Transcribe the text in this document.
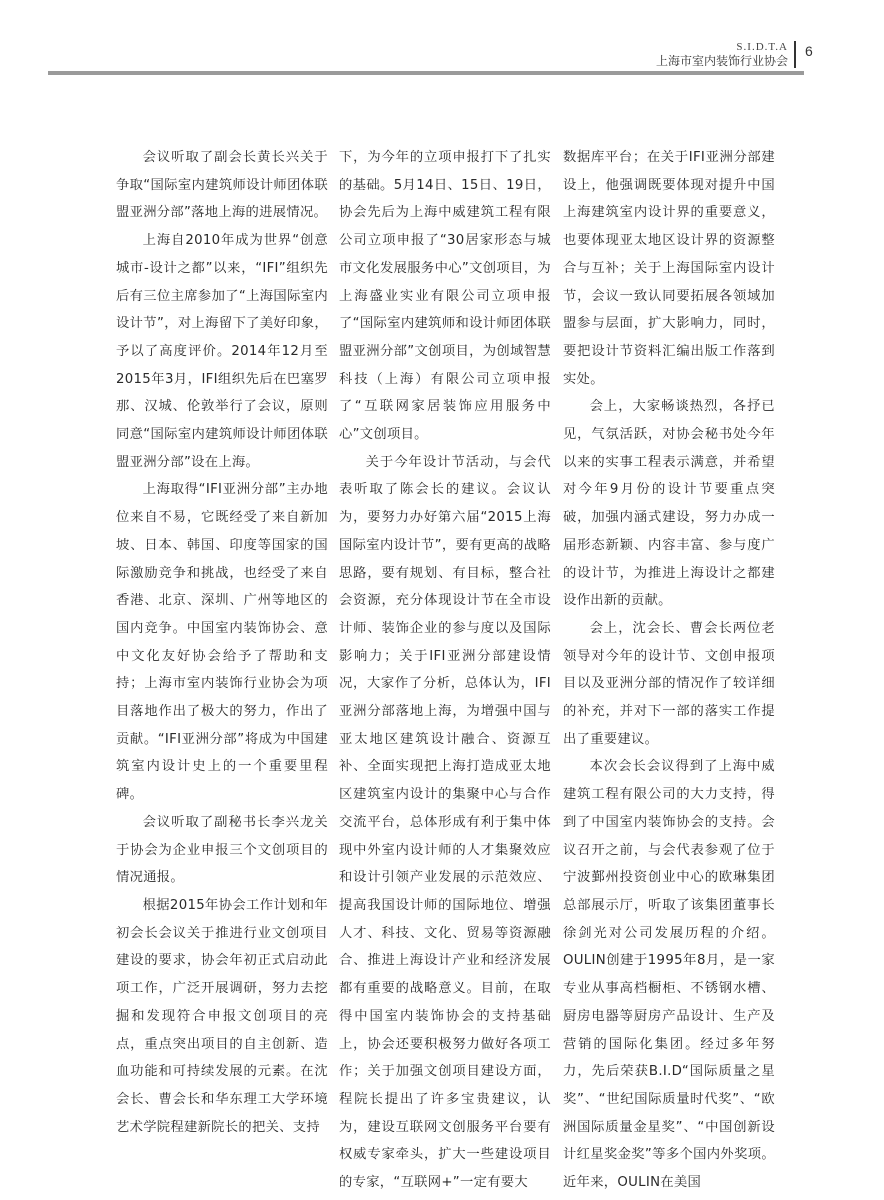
S.I.D.T.A
上海市室内装饰行业协会
6

会议听取了副会长黄长兴关于争取“国际室内建筑师设计师团体联盟亚洲分部”落地上海的进展情况。

上海自2010年成为世界“创意城市-设计之都”以来，“IFI”组织先后有三位主席参加了“上海国际室内设计节”，对上海留下了美好印象，予以了高度评价。2014年12月至2015年3月，IFI组织先后在巴塞罗那、汉城、伦敦举行了会议，原则同意“国际室内建筑师设计师团体联盟亚洲分部”设在上海。

上海取得“IFI亚洲分部”主办地位来自不易，它既经受了来自新加坡、日本、韩国、印度等国家的国际激励竞争和挑战，也经受了来自香港、北京、深圳、广州等地区的国内竞争。中国室内装饰协会、意中文化友好协会给予了帮助和支持；上海市室内装饰行业协会为项目落地作出了极大的努力，作出了贡献。“IFI亚洲分部”将成为中国建筑室内设计史上的一个重要里程碑。

会议听取了副秘书长李兴龙关于协会为企业申报三个文创项目的情况通报。

根据2015年协会工作计划和年初会长会议关于推进行业文创项目建设的要求，协会年初正式启动此项工作，广泛开展调研，努力去挖掘和发现符合申报文创项目的亮点，重点突出项目的自主创新、造血功能和可持续发展的元素。在沈会长、曹会长和华东理工大学环境艺术学院程建新院长的把关、支持

下，为今年的立项申报打下了扎实的基础。5月14日、15日、19日，协会先后为上海中威建筑工程有限公司立项申报了“30居家形态与城市文化发展服务中心”文创项目，为上海盛业实业有限公司立项申报了“国际室内建筑师和设计师团体联盟亚洲分部”文创项目，为创域智慧科技（上海）有限公司立项申报了“互联网家居装饰应用服务中心”文创项目。

关于今年设计节活动，与会代表听取了陈会长的建议。会议认为，要努力办好第六届“2015上海国际室内设计节”，要有更高的战略思路，要有规划、有目标，整合社会资源，充分体现设计节在全市设计师、装饰企业的参与度以及国际影响力；关于IFI亚洲分部建设情况，大家作了分析，总体认为，IFI亚洲分部落地上海，为增强中国与亚太地区建筑设计融合、资源互补、全面实现把上海打造成亚太地区建筑室内设计的集聚中心与合作交流平台，总体形成有利于集中体现中外室内设计师的人才集聚效应和设计引领产业发展的示范效应、提高我国设计师的国际地位、增强人才、科技、文化、贸易等资源融合、推进上海设计产业和经济发展都有重要的战略意义。目前，在取得中国室内装饰协会的支持基础上，协会还要积极努力做好各项工作；关于加强文创项目建设方面，程院长提出了许多宝贵建议，认为，建设互联网文创服务平台要有权威专家牵头，扩大一些建设项目的专家，“互联网+”一定有要大

数据库平台；在关于IFI亚洲分部建设上，他强调既要体现对提升中国上海建筑室内设计界的重要意义，也要体现亚太地区设计界的资源整合与互补；关于上海国际室内设计节，会议一致认同要拓展各领域加盟参与层面，扩大影响力，同时，要把设计节资料汇编出版工作落到实处。

会上，大家畅谈热烈，各抒已见，气氛活跃，对协会秘书处今年以来的实事工程表示满意，并希望对今年9月份的设计节要重点突破，加强内涵式建设，努力办成一届形态新颖、内容丰富、参与度广的设计节，为推进上海设计之都建设作出新的贡献。

会上，沈会长、曹会长两位老领导对今年的设计节、文创申报项目以及亚洲分部的情况作了较详细的补充，并对下一部的落实工作提出了重要建议。

本次会长会议得到了上海中威建筑工程有限公司的大力支持，得到了中国室内装饰协会的支持。会议召开之前，与会代表参观了位于宁波鄞州投资创业中心的欧琳集团总部展示厅，听取了该集团董事长徐剑光对公司发展历程的介绍。OULIN创建于1995年8月，是一家专业从事高档橱柜、不锈钢水槽、厨房电器等厨房产品设计、生产及营销的国际化集团。经过多年努力，先后荣获B.I.D“国际质量之星奖”、“世纪国际质量时代奖”、“欧洲国际质量金星奖”、“中国创新设计红星奖金奖”等多个国内外奖项。近年来，OULIN在美国
